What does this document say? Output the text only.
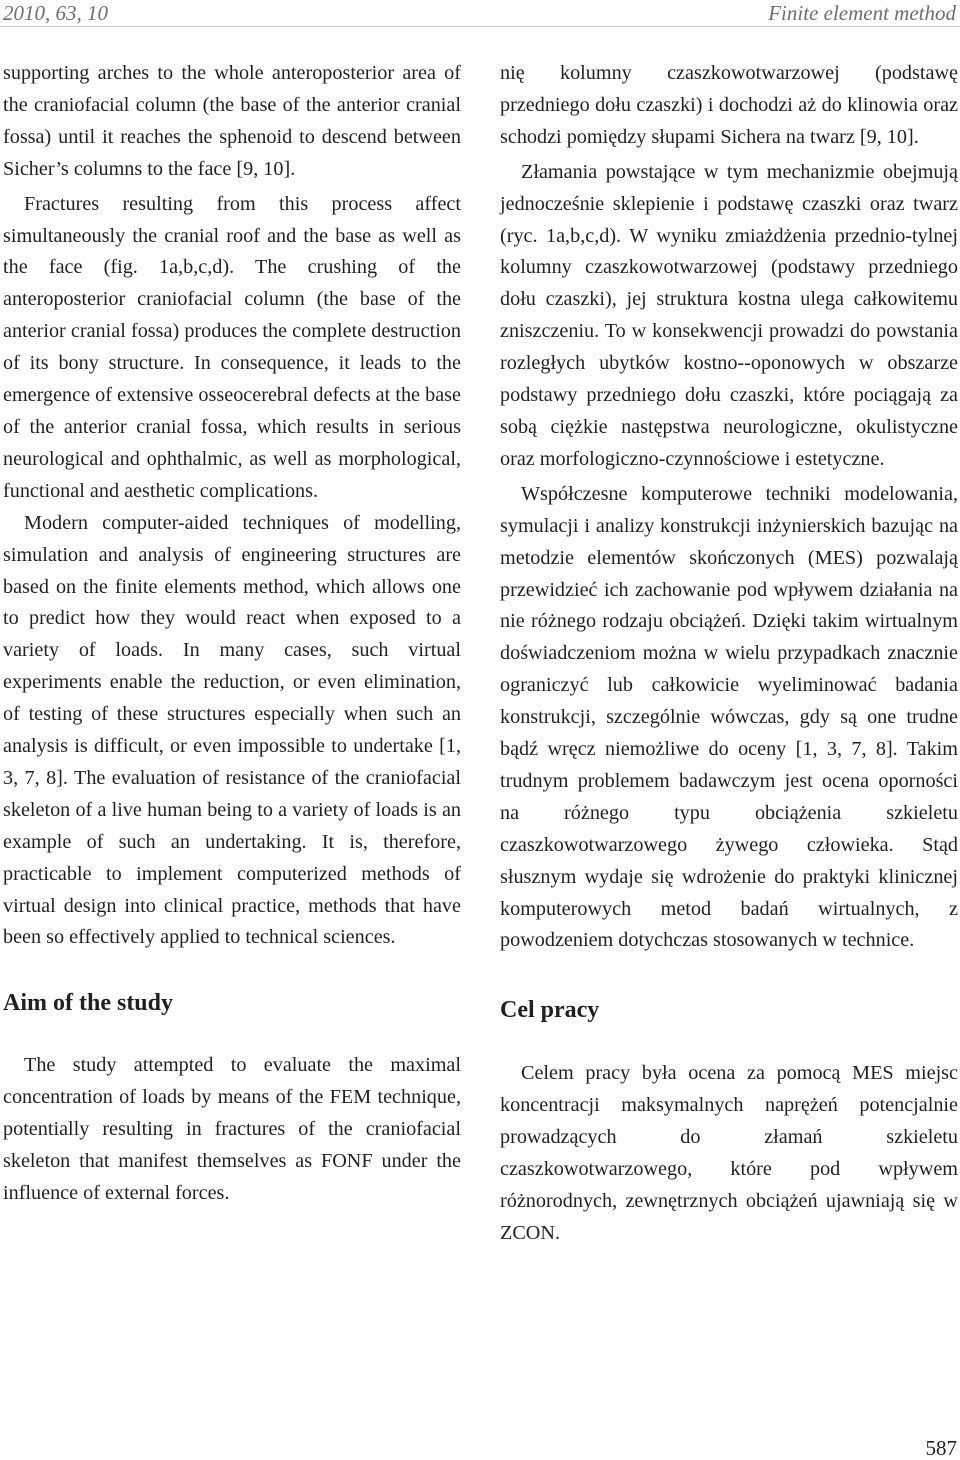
2010, 63, 10	Finite element method

supporting arches to the whole anteroposterior area of the craniofacial column (the base of the anterior cranial fossa) until it reaches the sphenoid to descend between Sicher’s columns to the face [9, 10].

Fractures resulting from this process affect simultaneously the cranial roof and the base as well as the face (fig. 1a,b,c,d). The crushing of the anteroposterior craniofacial column (the base of the anterior cranial fossa) produces the complete destruction of its bony structure. In consequence, it leads to the emergence of extensive osseocerebral defects at the base of the anterior cranial fossa, which results in serious neurological and ophthalmic, as well as morphological, functional and aesthetic complications.

Modern computer-aided techniques of modelling, simulation and analysis of engineering structures are based on the finite elements method, which allows one to predict how they would react when exposed to a variety of loads. In many cases, such virtual experiments enable the reduction, or even elimination, of testing of these structures especially when such an analysis is difficult, or even impossible to undertake [1, 3, 7, 8]. The evaluation of resistance of the craniofacial skeleton of a live human being to a variety of loads is an example of such an undertaking. It is, therefore, practicable to implement computerized methods of virtual design into clinical practice, methods that have been so effectively applied to technical sciences.

Aim of the study

The study attempted to evaluate the maximal concentration of loads by means of the FEM technique, potentially resulting in fractures of the craniofacial skeleton that manifest themselves as FONF under the influence of external forces.

nię kolumny czaszkowotwarzowej (podstawę przedniego dołu czaszki) i dochodzi aż do klinowia oraz schodzi pomiędzy słupami Sichera na twarz [9, 10].

Złamania powstające w tym mechanizmie obejmują jednocześnie sklepienie i podstawę czaszki oraz twarz (ryc. 1a,b,c,d). W wyniku zmiażdżenia przednio-tylnej kolumny czaszkowotwarzowej (podstawy przedniego dołu czaszki), jej struktura kostna ulega całkowitemu zniszczeniu. To w konsekwencji prowadzi do powstania rozległych ubytków kostno--oponowych w obszarze podstawy przedniego dołu czaszki, które pociągają za sobą ciężkie następstwa neurologiczne, okulistyczne oraz morfologiczno-czynnościowe i estetyczne.

Współczesne komputerowe techniki modelowania, symulacji i analizy konstrukcji inżynierskich bazując na metodzie elementów skończonych (MES) pozwalają przewidzieć ich zachowanie pod wpływem działania na nie różnego rodzaju obciążeń. Dzięki takim wirtualnym doświadczeniom można w wielu przypadkach znacznie ograniczyć lub całkowicie wyeliminować badania konstrukcji, szczególnie wówczas, gdy są one trudne bądź wręcz niemożliwe do oceny [1, 3, 7, 8]. Takim trudnym problemem badawczym jest ocena oporności na różnego typu obciążenia szkieletu czaszkowotwarzowego żywego człowieka. Stąd słusznym wydaje się wdrożenie do praktyki klinicznej komputerowych metod badań wirtualnych, z powodzeniem dotychczas stosowanych w technice.

Cel pracy

Celem pracy była ocena za pomocą MES miejsc koncentracji maksymalnych naprężeń potencjalnie prowadzących do złamań szkieletu czaszkowotwarzowego, które pod wpływem różnorodnych, zewnętrznych obciążeń ujawniają się w ZCON.

587
